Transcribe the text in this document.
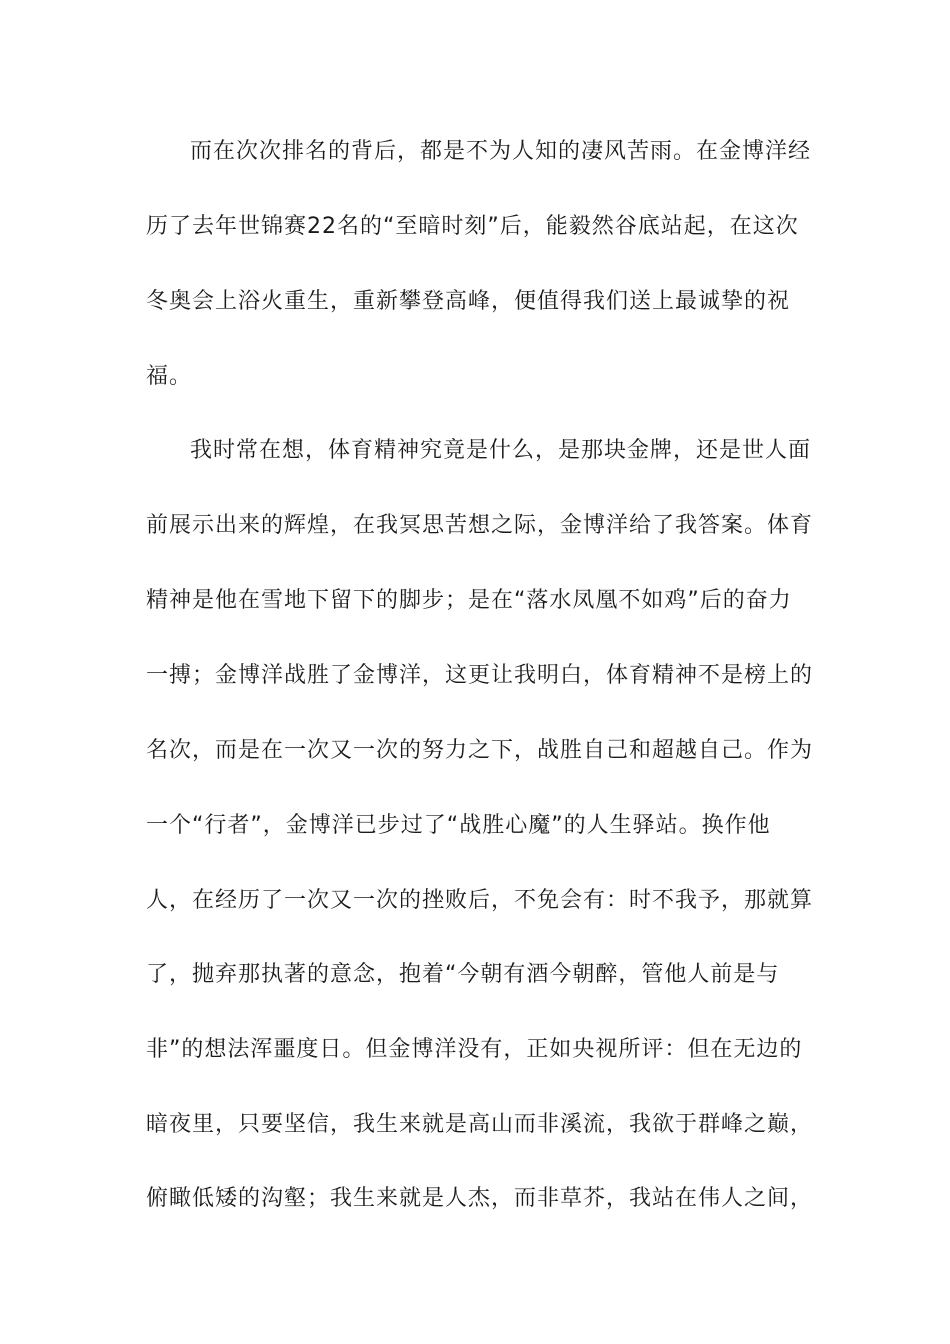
而在次次排名的背后，都是不为人知的凄风苦雨。在金博洋经
历了去年世锦赛22名的“至暗时刻”后，能毅然谷底站起，在这次
冬奥会上浴火重生，重新攀登高峰，便值得我们送上最诚挚的祝
福。
我时常在想，体育精神究竟是什么，是那块金牌，还是世人面
前展示出来的辉煌，在我冥思苦想之际，金博洋给了我答案。体育
精神是他在雪地下留下的脚步；是在“落水凤凰不如鸡”后的奋力
一搏；金博洋战胜了金博洋，这更让我明白，体育精神不是榜上的
名次，而是在一次又一次的努力之下，战胜自己和超越自己。作为
一个“行者”，金博洋已步过了“战胜心魔”的人生驿站。换作他
人，在经历了一次又一次的挫败后，不免会有：时不我予，那就算
了，抛弃那执著的意念，抱着“今朝有酒今朝醉，管他人前是与
非”的想法浑噩度日。但金博洋没有，正如央视所评：但在无边的
暗夜里，只要坚信，我生来就是高山而非溪流，我欲于群峰之巅，
俯瞰低矮的沟壑；我生来就是人杰，而非草芥，我站在伟人之间，
